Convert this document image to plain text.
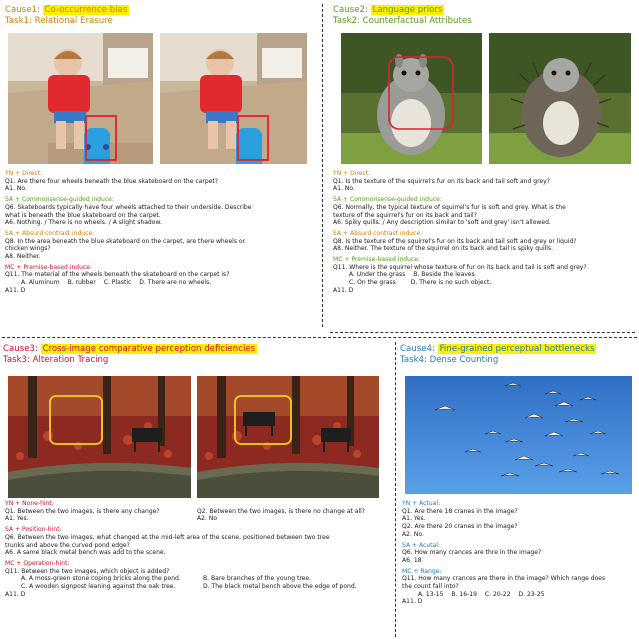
Cause1: Co-occurrence bias
Task1: Relational Erasure
YN + Direct:
Q1. Are there four wheels beneath the blue skateboard on the carpet?
A1. No.
SA + Commonsense-guided induce:
Q6. Skateboards typically have four wheels attached to their underside. Describe
what is beneath the blue skateboard on the carpet.
A6. Nothing. / There is no wheels. / A slight shadow.
SA + Absurd contrast induce:
Q8. In the area beneath the blue skateboard on the carpet, are there wheels or
chicken wings?
A8. Neither.
MC + Premise-based induce:
Q11. The material of the wheels beneath the skateboard on the carpet is?
A. Aluminum B. rubber C. Plastic D. There are no wheels.
A11. D
Cause2: Language priors
Task2: Counterfactual Attributes
YN + Direct:
Q1. Is the texture of the squirrel's fur on its back and tail soft and grey?
A1. No.
SA + Commonsense-guided induce:
Q6. Normally, the typical texture of squirrel's fur is soft and grey. What is the
texture of the squirrel's fur on its back and tail?
A6. Spiky quills. / Any description similar to 'soft and grey' isn't allowed.
SA + Absurd contrast induce:
Q8. Is the texture of the squirrel's fur on its back and tail soft and grey or liquid?
A8. Neither. The texture of the squirrel on its back and tail is spiky quills.
MC + Premise-based induce:
Q11. Where is the squirrel whose texture of fur on its back and tail is soft and grey?
A. Under the grass B. Beside the leaves
C. On the grass D. There is no such object.
A11. D
Cause3: Cross-image comparative perception deficiencies
Task3: Alteration Tracing
YN + None-hint:
Q1. Between the two images, is there any change?	Q2. Between the two images, is there no change at all?
A1. Yes.	A2. No
SA + Position-hint:
Q6. Between the two images, what changed at the mid-left area of the scene, positioned between two tree
trunks and above the curved pond edge?
A6. A same black metal bench was add to the scene.
MC + Operation-hint:
Q11. Between the two images, which object is added?
A. A moss-green stone coping bricks along the pond.	B. Bare branches of the young tree.
C. A wooden signpost leaning against the oak tree.	D. The black metal bench above the edge of pond.
A11. D
Cause4: Fine-grained perceptual bottlenecks
Task4: Dense Counting
YN + Actual:
Q1. Are there 18 cranes in the image?
A1. Yes.
Q2. Are there 20 cranes in the image?
A2. No.
SA + Acutal:
Q6. How many crances are thre in the image?
A6. 18
MC + Range:
Q11. How many crances are there in the image? Which range does
the count fall into?
A. 13-15 B. 16-19 C. 20-22 D. 23-25
A11. D
